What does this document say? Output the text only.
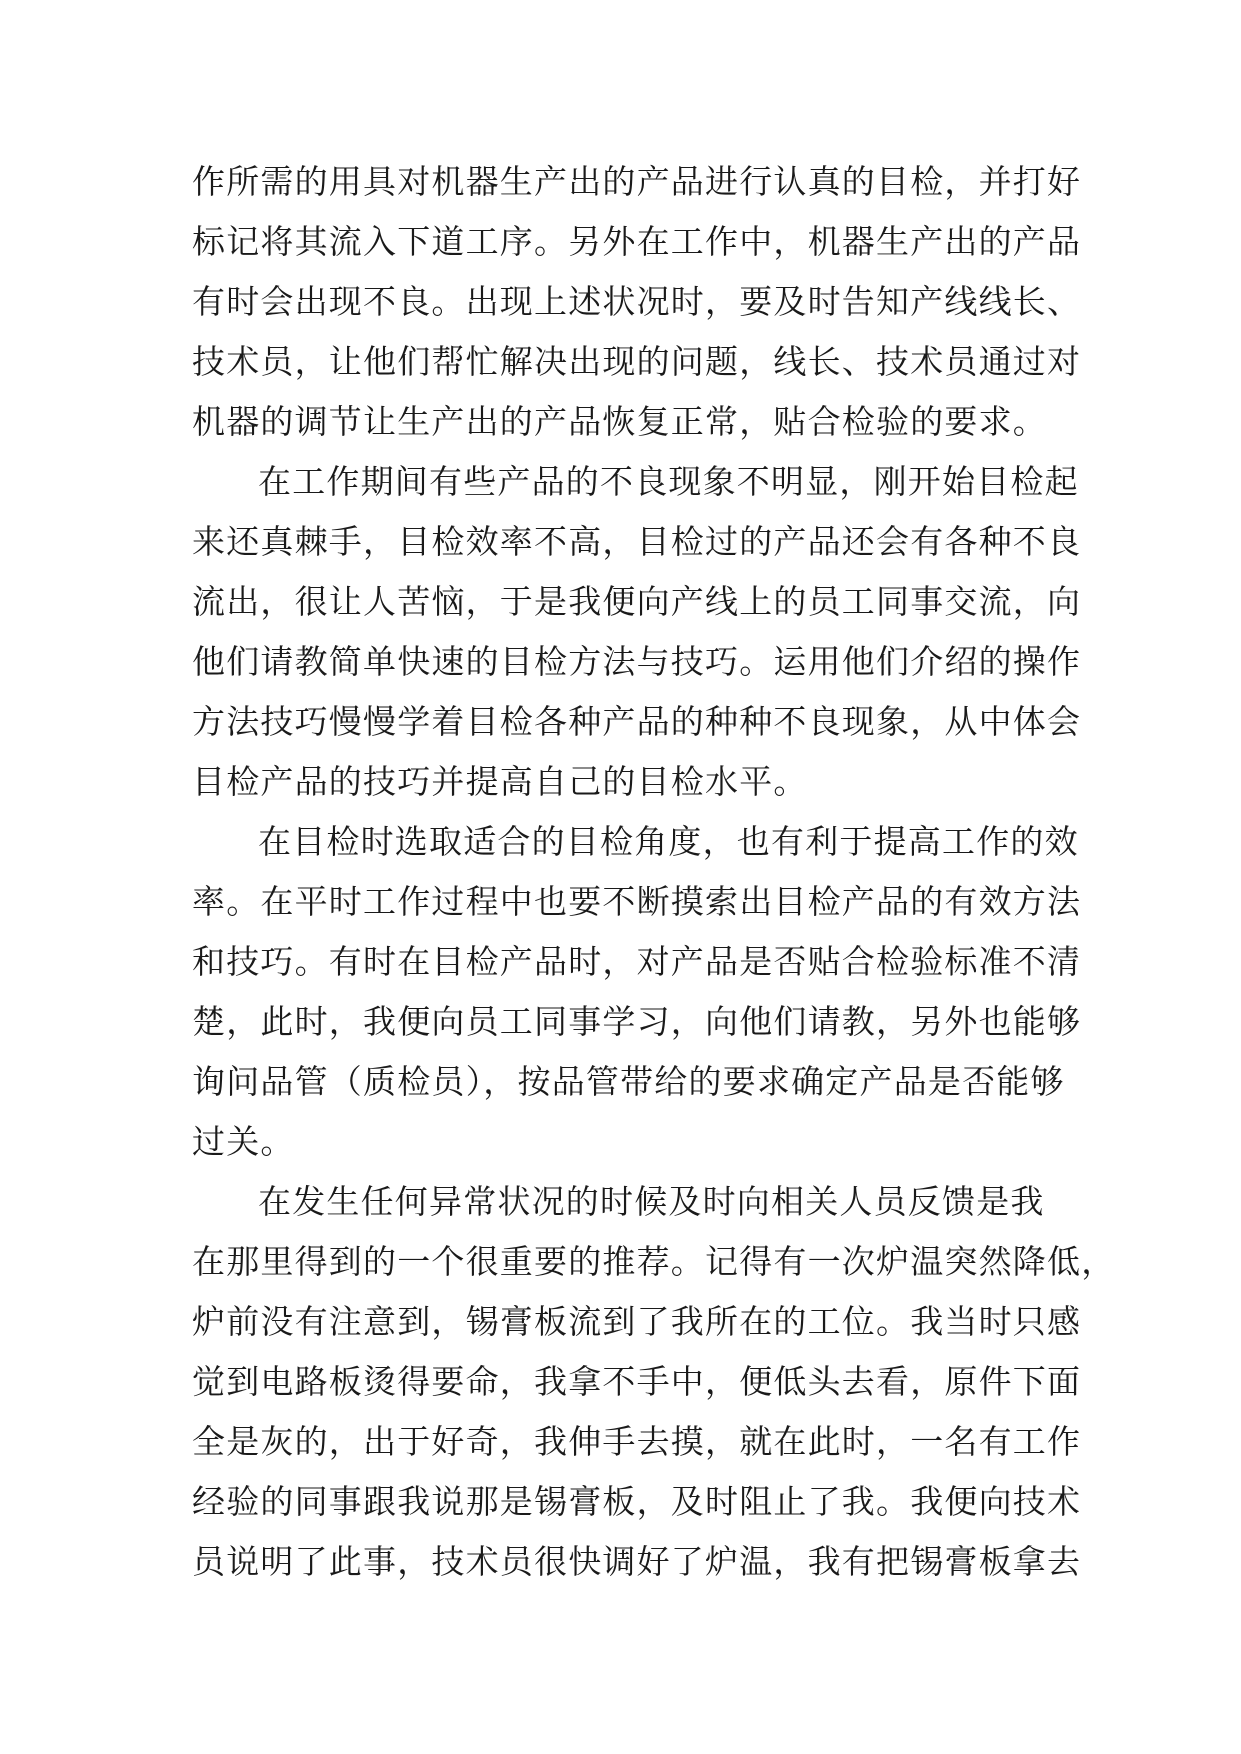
作所需的用具对机器生产出的产品进行认真的目检，并打好
标记将其流入下道工序。另外在工作中，机器生产出的产品
有时会出现不良。出现上述状况时，要及时告知产线线长、
技术员，让他们帮忙解决出现的问题，线长、技术员通过对
机器的调节让生产出的产品恢复正常，贴合检验的要求。
在工作期间有些产品的不良现象不明显，刚开始目检起
来还真棘手，目检效率不高，目检过的产品还会有各种不良
流出，很让人苦恼，于是我便向产线上的员工同事交流，向
他们请教简单快速的目检方法与技巧。运用他们介绍的操作
方法技巧慢慢学着目检各种产品的种种不良现象，从中体会
目检产品的技巧并提高自己的目检水平。
在目检时选取适合的目检角度，也有利于提高工作的效
率。在平时工作过程中也要不断摸索出目检产品的有效方法
和技巧。有时在目检产品时，对产品是否贴合检验标准不清
楚，此时，我便向员工同事学习，向他们请教，另外也能够
询问品管（质检员），按品管带给的要求确定产品是否能够
过关。
在发生任何异常状况的时候及时向相关人员反馈是我
在那里得到的一个很重要的推荐。记得有一次炉温突然降低，
炉前没有注意到，锡膏板流到了我所在的工位。我当时只感
觉到电路板烫得要命，我拿不手中，便低头去看，原件下面
全是灰的，出于好奇，我伸手去摸，就在此时，一名有工作
经验的同事跟我说那是锡膏板，及时阻止了我。我便向技术
员说明了此事，技术员很快调好了炉温，我有把锡膏板拿去
